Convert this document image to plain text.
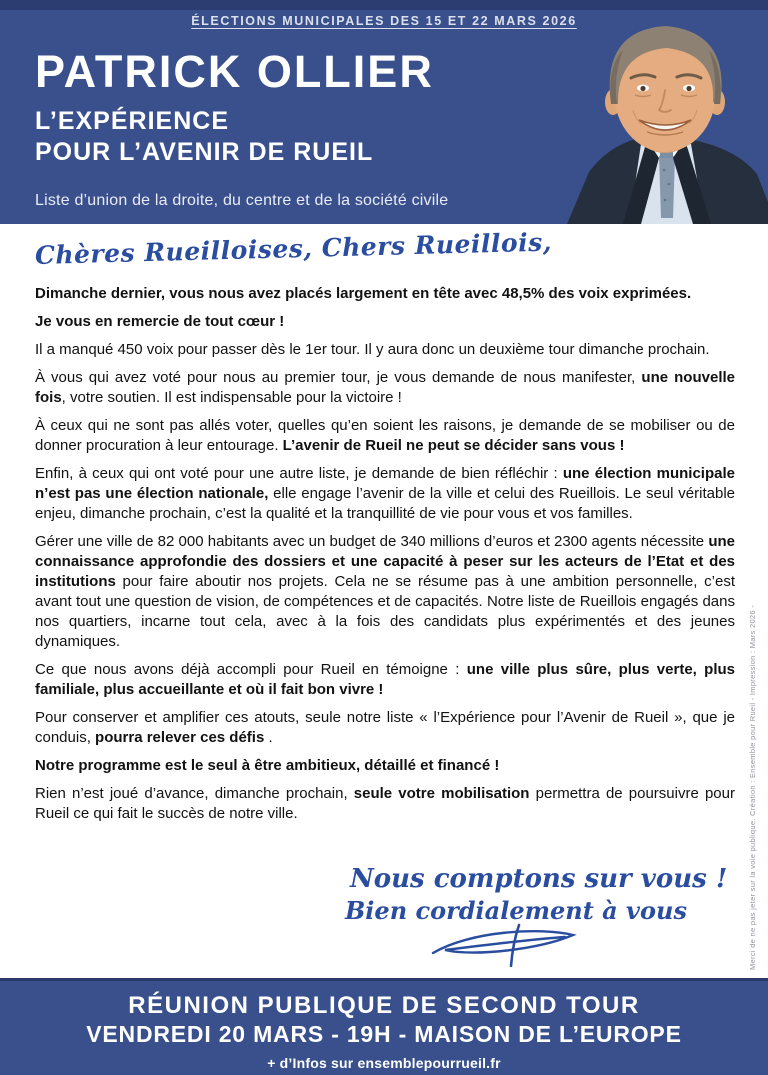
ÉLECTIONS MUNICIPALES DES 15 ET 22 MARS 2026
PATRICK OLLIER
L’EXPÉRIENCE
POUR L’AVENIR DE RUEIL
Liste d’union de la droite, du centre et de la société civile
Chères Rueilloises, Chers Rueillois,

Dimanche dernier, vous nous avez placés largement en tête avec 48,5% des voix exprimées.

Je vous en remercie de tout cœur !

Il a manqué 450 voix pour passer dès le 1er tour. Il y aura donc un deuxième tour dimanche prochain.

À vous qui avez voté pour nous au premier tour, je vous demande de nous manifester, une nouvelle fois, votre soutien. Il est indispensable pour la victoire !

À ceux qui ne sont pas allés voter, quelles qu’en soient les raisons, je demande de se mobiliser ou de donner procuration à leur entourage. L’avenir de Rueil ne peut se décider sans vous !

Enfin, à ceux qui ont voté pour une autre liste, je demande de bien réfléchir : une élection municipale n’est pas une élection nationale, elle engage l’avenir de la ville et celui des Rueillois. Le seul véritable enjeu, dimanche prochain, c’est la qualité et la tranquillité de vie pour vous et vos familles.

Gérer une ville de 82 000 habitants avec un budget de 340 millions d’euros et 2300 agents nécessite une connaissance approfondie des dossiers et une capacité à peser sur les acteurs de l’Etat et des institutions pour faire aboutir nos projets. Cela ne se résume pas à une ambition personnelle, c’est avant tout une question de vision, de compétences et de capacités. Notre liste de Rueillois engagés dans nos quartiers, incarne tout cela, avec à la fois des candidats plus expérimentés et des jeunes dynamiques.

Ce que nous avons déjà accompli pour Rueil en témoigne : une ville plus sûre, plus verte, plus familiale, plus accueillante et où il fait bon vivre !

Pour conserver et amplifier ces atouts, seule notre liste « l’Expérience pour l’Avenir de Rueil », que je conduis, pourra relever ces défis .

Notre programme est le seul à être ambitieux, détaillé et financé !

Rien n’est joué d’avance, dimanche prochain, seule votre mobilisation permettra de poursuivre pour Rueil ce qui fait le succès de notre ville.

Nous comptons sur vous !
Bien cordialement à vous	Merci de ne pas jeter sur la voie publique. Création : Ensemble pour Rueil - Impression : Mars 2026 -
RÉUNION PUBLIQUE DE SECOND TOUR
VENDREDI 20 MARS - 19H - MAISON DE L’EUROPE
+ d’Infos sur ensemblepourrueil.fr
